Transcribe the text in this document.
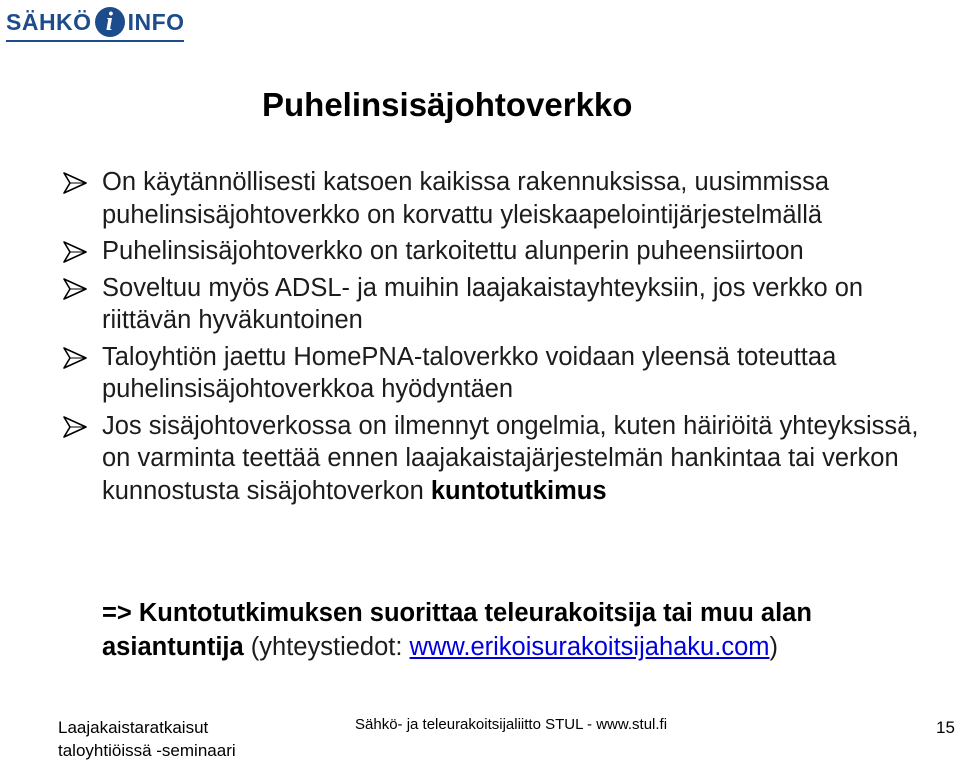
SÄHKÖ i INFO
Puhelinsisäjohtoverkko
On käytännöllisesti katsoen kaikissa rakennuksissa, uusimmissa puhelinsisäjohtoverkko on korvattu yleiskaapelointijärjestelmällä
Puhelinsisäjohtoverkko on tarkoitettu alunperin puheensiirtoon
Soveltuu myös ADSL- ja muihin laajakaistayhteyksiin, jos verkko on riittävän hyväkuntoinen
Taloyhtiön jaettu HomePNA-taloverkko voidaan yleensä toteuttaa puhelinsisäjohtoverkkoa hyödyntäen
Jos sisäjohtoverkossa on ilmennyt ongelmia, kuten häiriöitä yhteyksissä, on varminta teettää ennen laajakaistajärjestelmän hankintaa tai verkon kunnostusta sisäjohtoverkon kuntotutkimus
=> Kuntotutkimuksen suorittaa teleurakoitsija tai muu alan asiantuntija (yhteystiedot: www.erikoisurakoitsijahaku.com)
Laajakaistaratkaisut
taloyhtiöissä -seminaari
Sähkö- ja teleurakoitsijaliitto STUL - www.stul.fi	15
